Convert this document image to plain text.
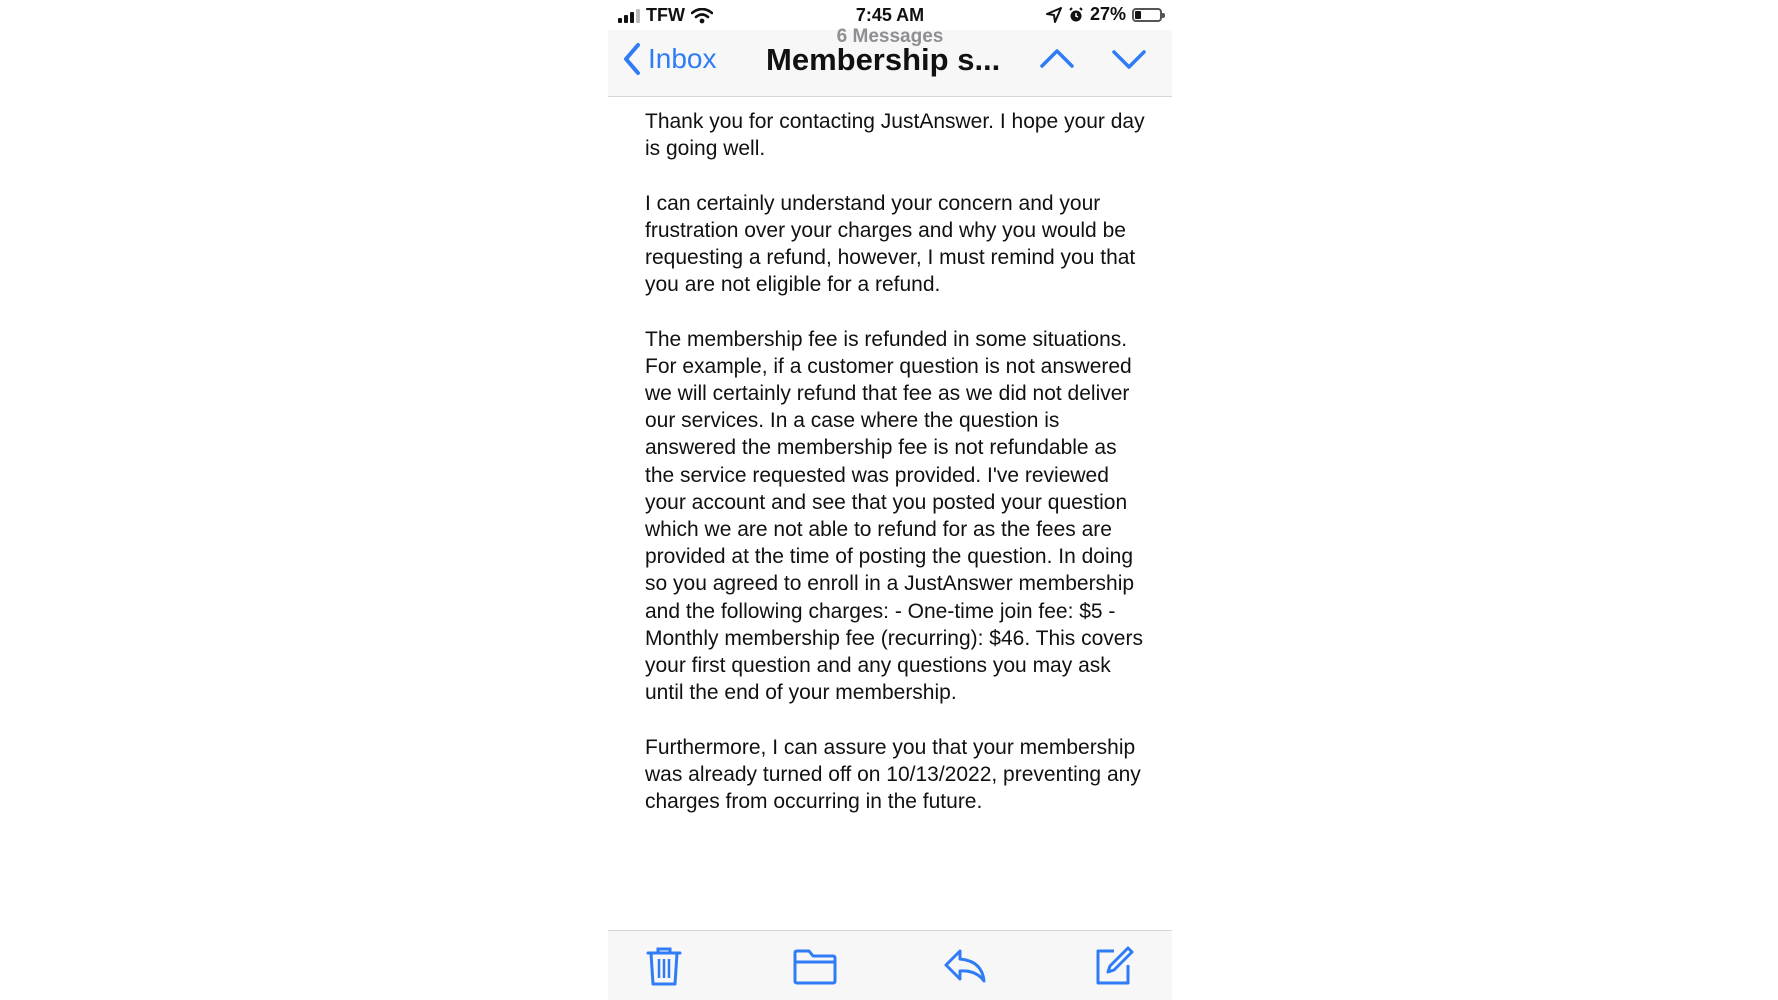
TFW	7:45 AM	27%
6 Messages
Inbox Membership s...

Thank you for contacting JustAnswer. I hope your day is going well.

I can certainly understand your concern and your frustration over your charges and why you would be requesting a refund, however, I must remind you that you are not eligible for a refund.

The membership fee is refunded in some situations. For example, if a customer question is not answered we will certainly refund that fee as we did not deliver our services. In a case where the question is answered the membership fee is not refundable as the service requested was provided. I've reviewed your account and see that you posted your question which we are not able to refund for as the fees are provided at the time of posting the question. In doing so you agreed to enroll in a JustAnswer membership and the following charges: - One-time join fee: $5 - Monthly membership fee (recurring): $46. This covers your first question and any questions you may ask until the end of your membership.

Furthermore, I can assure you that your membership was already turned off on 10/13/2022, preventing any charges from occurring in the future.
